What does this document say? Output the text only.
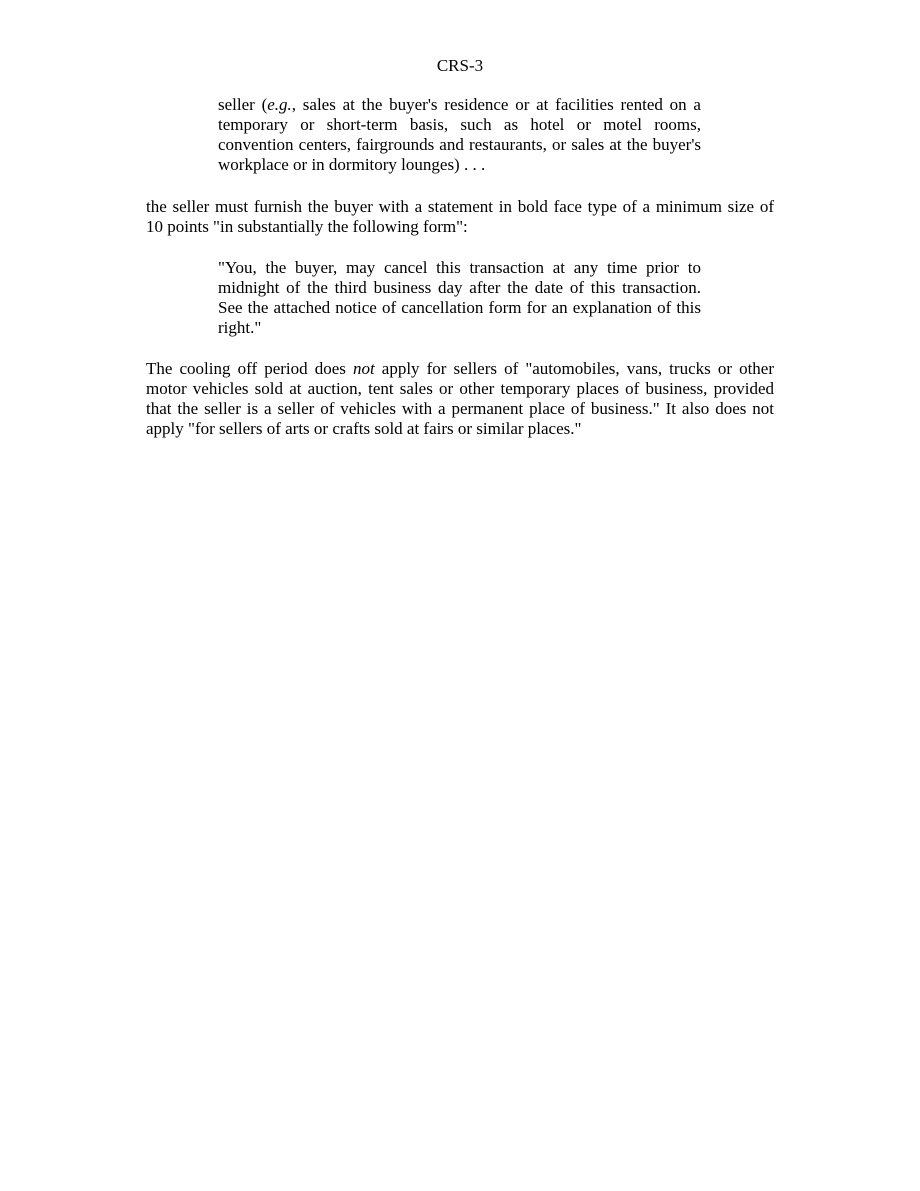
CRS-3
seller (e.g., sales at the buyer's residence or at facilities rented on a
temporary or short-term basis, such as hotel or motel rooms,
convention centers, fairgrounds and restaurants, or sales at the buyer's
workplace or in dormitory lounges) . . .
the seller must furnish the buyer with a statement in bold face type of a minimum size of
10 points "in substantially the following form":
"You, the buyer, may cancel this transaction at any time prior to
midnight of the third business day after the date of this transaction.
See the attached notice of cancellation form for an explanation of this
right."
The cooling off period does not apply for sellers of "automobiles, vans, trucks or other
motor vehicles sold at auction, tent sales or other temporary places of business, provided
that the seller is a seller of vehicles with a permanent place of business." It also does not
apply "for sellers of arts or crafts sold at fairs or similar places."
